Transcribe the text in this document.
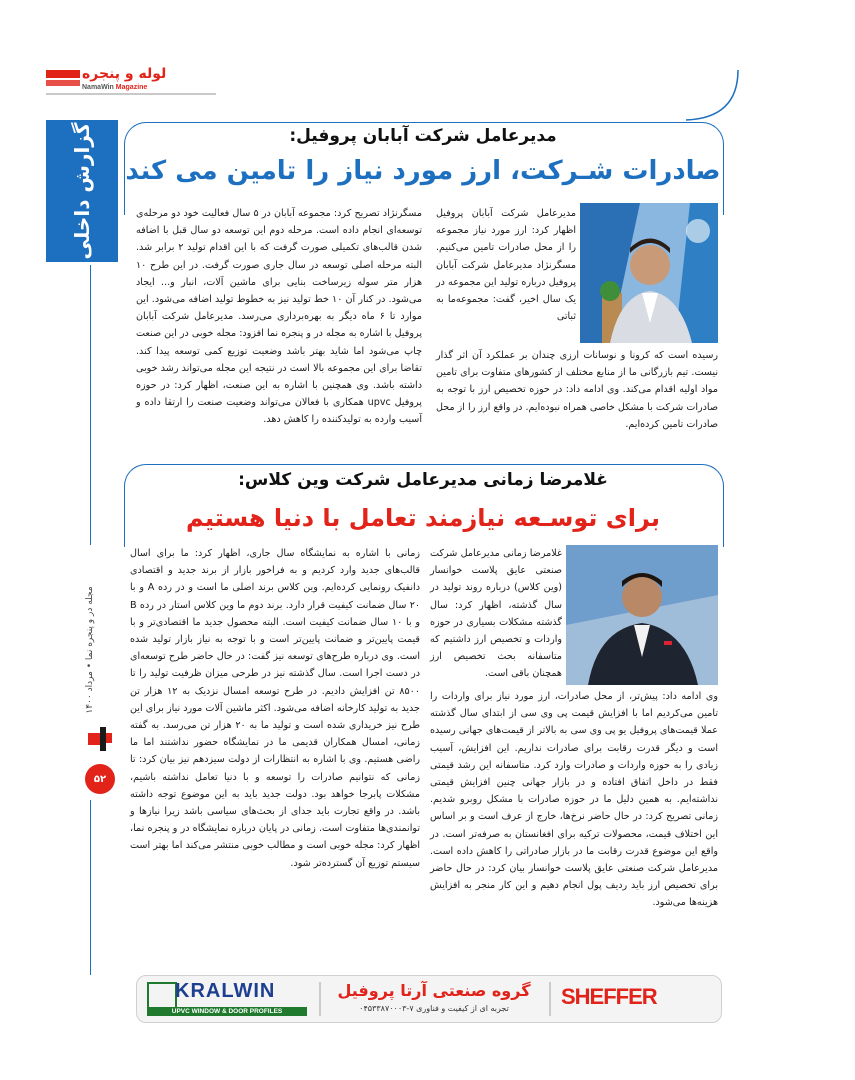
لوله و پنجره
NamaWin Magazine
گزارش داخلی
مجله در و پنجره نما • مرداد ۱۴۰۰
۵۲
مدیرعامل شرکت آبابان پروفیل:
صادرات شـرکت، ارز مورد نیاز را تامین می کند
مدیرعامل شرکت آبابان پروفیل اظهار کرد: ارز مورد نیاز مجموعه را از محل صادرات تامین می‌کنیم. مسگرنژاد مدیرعامل شرکت آبابان پروفیل درباره تولید این مجموعه در یک سال اخیر، گفت: مجموعه‌ما به ثباتی
رسیده است که کرونا و نوسانات ارزی چندان بر عملکرد آن اثر گذار نیست. تیم بازرگانی ما از منابع مختلف از کشورهای متفاوت برای تامین مواد اولیه اقدام می‌کند. وی ادامه داد: در حوزه تخصیص ارز با توجه به صادرات شرکت با مشکل خاصی همراه نبوده‌ایم. در واقع ارز را از محل صادرات تامین کرده‌ایم.
مسگرنژاد تصریح کرد: مجموعه آبابان در ۵ سال فعالیت خود دو مرحله‌ی توسعه‌ای انجام داده است. مرحله دوم این توسعه دو سال قبل با اضافه شدن قالب‌های تکمیلی صورت گرفت که با این اقدام تولید ۲ برابر شد. البته مرحله اصلی توسعه در سال جاری صورت گرفت. در این طرح ۱۰ هزار متر سوله زیرساخت بنایی برای ماشین آلات، انبار و... ایجاد می‌شود. در کنار آن ۱۰ خط تولید نیز به خطوط تولید اضافه می‌شود. این موارد تا ۶ ماه دیگر به بهره‌برداری می‌رسد. مدیرعامل شرکت آبابان پروفیل با اشاره به مجله در و پنجره نما افزود: مجله خوبی در این صنعت چاپ می‌شود اما شاید بهتر باشد وضعیت توزیع کمی توسعه پیدا کند. تقاضا برای این مجموعه بالا است در نتیجه این مجله می‌تواند رشد خوبی داشته باشد. وی همچنین با اشاره به این صنعت، اظهار کرد: در حوزه پروفیل upvc همکاری با فعالان می‌تواند وضعیت صنعت را ارتقا داده و آسیب وارده به تولیدکننده را کاهش دهد.
غلامرضا زمانی مدیرعامل شرکت وین کلاس:
برای توسـعه نیازمند تعامل با دنیا هستیم
غلامرضا زمانی مدیرعامل شرکت صنعتی عایق پلاست خوانسار (وین کلاس) درباره روند تولید در سال گذشته، اظهار کرد: سال گذشته مشکلات بسیاری در حوزه واردات و تخصیص ارز داشتیم که متاسفانه بحث تخصیص ارز همچنان باقی است.
وی ادامه داد: پیش‌تر، از محل صادرات، ارز مورد نیاز برای واردات را تامین می‌کردیم اما با افزایش قیمت پی وی سی از ابتدای سال گذشته عملا قیمت‌های پروفیل یو پی وی سی به بالاتر از قیمت‌های جهانی رسیده است و دیگر قدرت رقابت برای صادرات نداریم. این افزایش، آسیب زیادی را به حوزه واردات و صادرات وارد کرد. متاسفانه این رشد قیمتی فقط در داخل اتفاق افتاده و در بازار جهانی چنین افزایش قیمتی نداشته‌ایم. به همین دلیل ما در حوزه صادرات با مشکل روبرو شدیم. زمانی تصریح کرد: در حال حاضر نرخ‌ها، خارج از عرف است و بر اساس این اختلاف قیمت، محصولات ترکیه برای افغانستان به صرفه‌تر است. در واقع این موضوع قدرت رقابت ما در بازار صادراتی را کاهش داده است. مدیرعامل شرکت صنعتی عایق پلاست خوانسار بیان کرد: در حال حاضر برای تخصیص ارز باید ردیف پول انجام دهیم و این کار منجر به افزایش هزینه‌ها می‌شود.
زمانی با اشاره به نمایشگاه سال جاری، اظهار کرد: ما برای اسال قالب‌های جدید وارد کردیم و به فراخور بازار از برند جدید و اقتصادی دانفیک رونمایی کرده‌ایم. وین کلاس برند اصلی ما است و در رده A و با ۲۰ سال ضمانت کیفیت قرار دارد. برند دوم ما وین کلاس استار در رده B و با ۱۰ سال ضمانت کیفیت است. البته محصول جدید ما اقتصادی‌تر و با قیمت پایین‌تر و ضمانت پایین‌تر است و با توجه به نیاز بازار تولید شده است. وی درباره طرح‌های توسعه نیز گفت: در حال حاضر طرح توسعه‌ای در دست اجرا است. سال گذشته نیز در طرحی میزان ظرفیت تولید را تا ۸۵۰۰ تن افزایش دادیم. در طرح توسعه امسال نزدیک به ۱۲ هزار تن جدید به تولید کارخانه اضافه می‌شود. اکثر ماشین آلات مورد نیاز برای این طرح نیز خریداری شده است و تولید ما به ۲۰ هزار تن می‌رسد. به گفته زمانی، امسال همکاران قدیمی ما در نمایشگاه حضور نداشتند اما ما راضی هستیم. وی با اشاره به انتظارات از دولت سیزدهم نیز بیان کرد: تا زمانی که نتوانیم صادرات را توسعه و با دنیا تعامل نداشته باشیم، مشکلات پابرجا خواهد بود. دولت جدید باید به این موضوع توجه داشته باشد. در واقع تجارت باید جدای از بحث‌های سیاسی باشد زیرا نیازها و توانمندی‌ها متفاوت است. زمانی در پایان درباره نمایشگاه در و پنجره نما، اظهار کرد: مجله خوبی است و مطالب خوبی منتشر می‌کند اما بهتر است سیستم توزیع آن گسترده‌تر شود.
KRALWIN
UPVC WINDOW & DOOR PROFILES
گروه صنعتی آرتا پروفیل
تجربه ای از کیفیت و فناوری ۷-۰۴۵۳۳۸۷۰۰۰۳	SHEFFER
